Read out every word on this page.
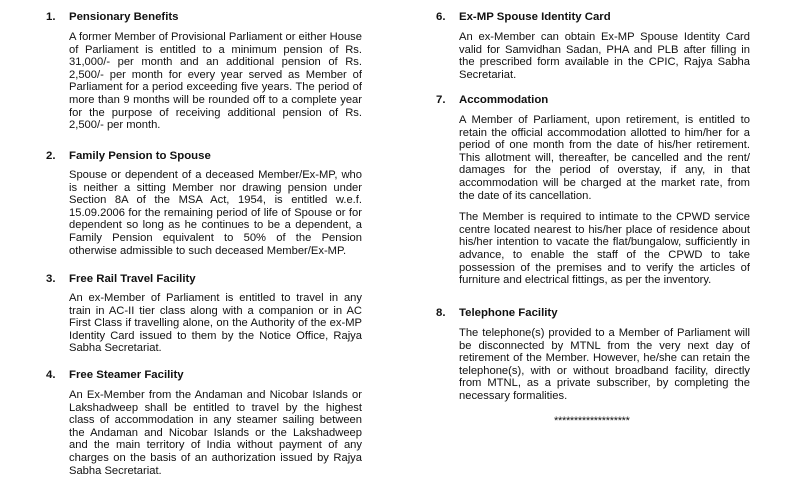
1. Pensionary Benefits

A former Member of Provisional Parliament or either House of Parliament is entitled to a minimum pension of Rs. 31,000/- per month and an additional pension of Rs. 2,500/- per month for every year served as Member of Parliament for a period exceeding five years. The period of more than 9 months will be rounded off to a complete year for the purpose of receiving additional pension of Rs. 2,500/- per month.

2. Family Pension to Spouse

Spouse or dependent of a deceased Member/Ex-MP, who is neither a sitting Member nor drawing pension under Section 8A of the MSA Act, 1954, is entitled w.e.f. 15.09.2006 for the remaining period of life of Spouse or for dependent so long as he continues to be a dependent, a Family Pension equivalent to 50% of the Pension otherwise admissible to such deceased Member/Ex-MP.

3. Free Rail Travel Facility

An ex-Member of Parliament is entitled to travel in any train in AC-II tier class along with a companion or in AC First Class if travelling alone, on the Authority of the ex-MP Identity Card issued to them by the Notice Office, Rajya Sabha Secretariat.

4. Free Steamer Facility

An Ex-Member from the Andaman and Nicobar Islands or Lakshadweep shall be entitled to travel by the highest class of accommodation in any steamer sailing between the Andaman and Nicobar Islands or the Lakshadweep and the main territory of India without payment of any charges on the basis of an authorization issued by Rajya Sabha Secretariat.

6. Ex-MP Spouse Identity Card

An ex-Member can obtain Ex-MP Spouse Identity Card valid for Samvidhan Sadan, PHA and PLB after filling in the prescribed form available in the CPIC, Rajya Sabha Secretariat.

7. Accommodation

A Member of Parliament, upon retirement, is entitled to retain the official accommodation allotted to him/her for a period of one month from the date of his/her retirement. This allotment will, thereafter, be cancelled and the rent/ damages for the period of overstay, if any, in that accommodation will be charged at the market rate, from the date of its cancellation.

The Member is required to intimate to the CPWD service centre located nearest to his/her place of residence about his/her intention to vacate the flat/bungalow, sufficiently in advance, to enable the staff of the CPWD to take possession of the premises and to verify the articles of furniture and electrical fittings, as per the inventory.

8. Telephone Facility

The telephone(s) provided to a Member of Parliament will be disconnected by MTNL from the very next day of retirement of the Member. However, he/she can retain the telephone(s), with or without broadband facility, directly from MTNL, as a private subscriber, by completing the necessary formalities.

*******************
